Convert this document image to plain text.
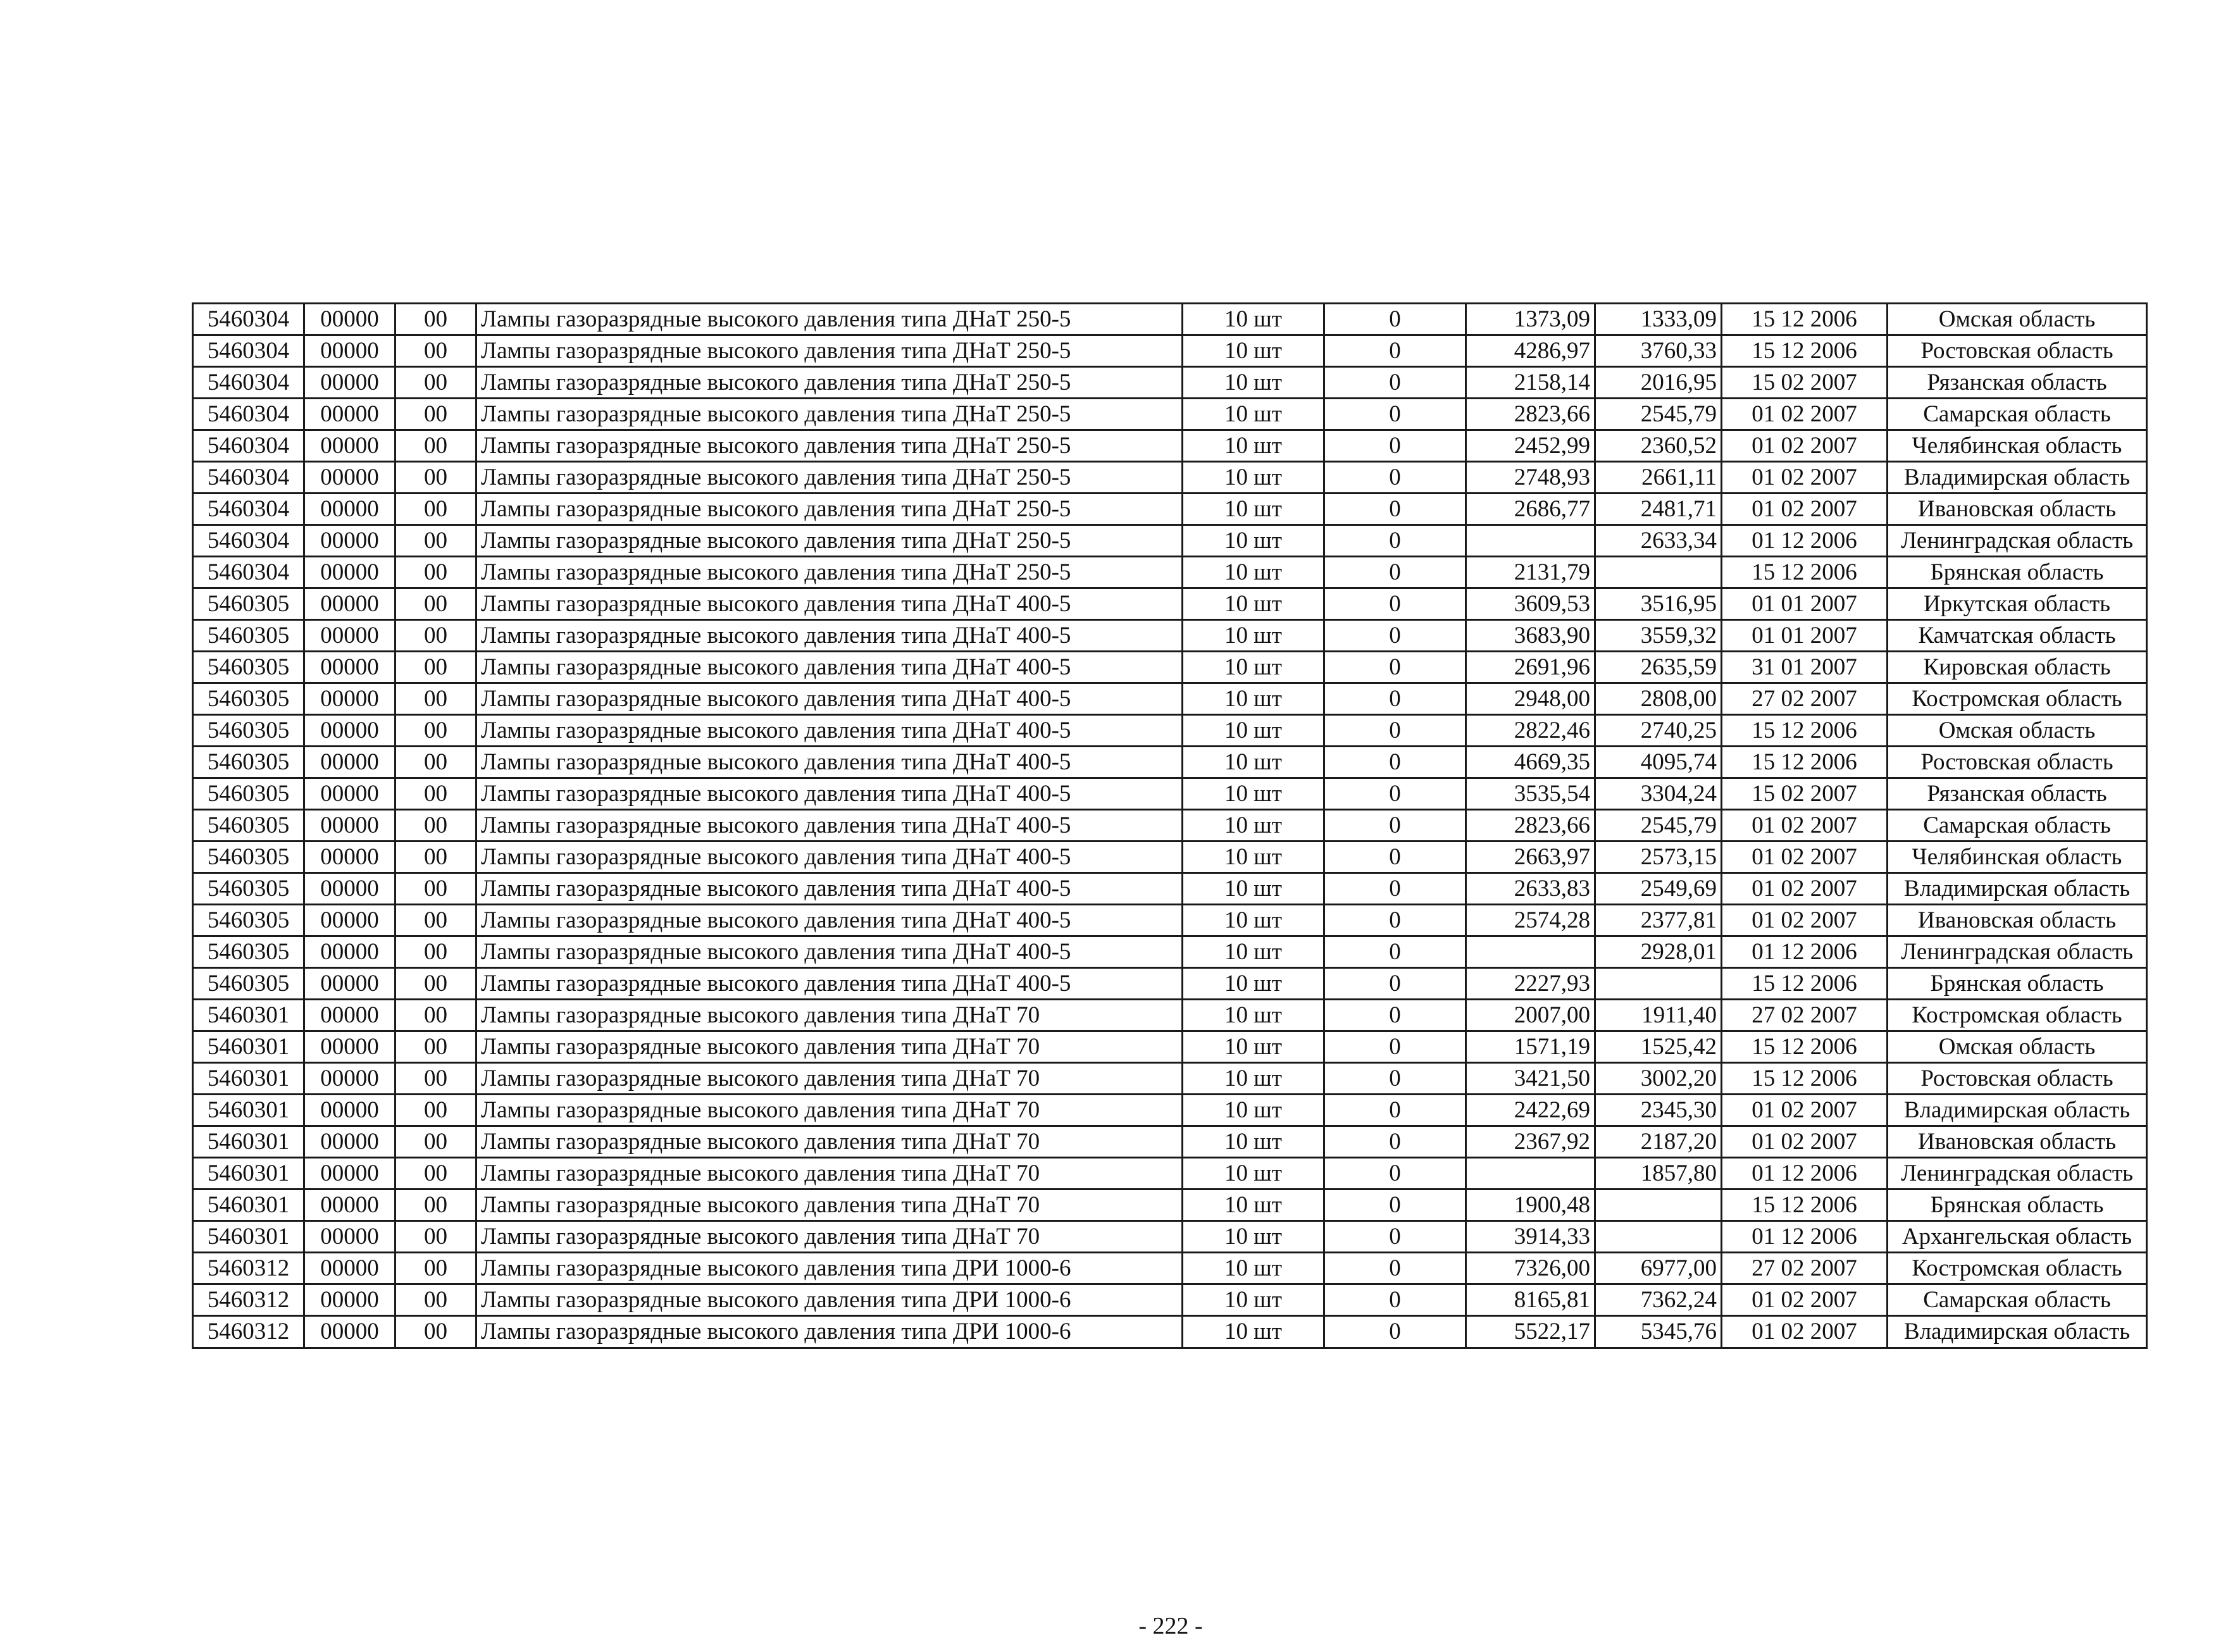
5460304	00000	00	Лампы газоразрядные высокого давления типа ДНаТ 250-5	10 шт	0	1373,09	1333,09	15 12 2006	Омская область
5460304	00000	00	Лампы газоразрядные высокого давления типа ДНаТ 250-5	10 шт	0	4286,97	3760,33	15 12 2006	Ростовская область
5460304	00000	00	Лампы газоразрядные высокого давления типа ДНаТ 250-5	10 шт	0	2158,14	2016,95	15 02 2007	Рязанская область
5460304	00000	00	Лампы газоразрядные высокого давления типа ДНаТ 250-5	10 шт	0	2823,66	2545,79	01 02 2007	Самарская область
5460304	00000	00	Лампы газоразрядные высокого давления типа ДНаТ 250-5	10 шт	0	2452,99	2360,52	01 02 2007	Челябинская область
5460304	00000	00	Лампы газоразрядные высокого давления типа ДНаТ 250-5	10 шт	0	2748,93	2661,11	01 02 2007	Владимирская область
5460304	00000	00	Лампы газоразрядные высокого давления типа ДНаТ 250-5	10 шт	0	2686,77	2481,71	01 02 2007	Ивановская область
5460304	00000	00	Лампы газоразрядные высокого давления типа ДНаТ 250-5	10 шт	0		2633,34	01 12 2006	Ленинградская область
5460304	00000	00	Лампы газоразрядные высокого давления типа ДНаТ 250-5	10 шт	0	2131,79		15 12 2006	Брянская область
5460305	00000	00	Лампы газоразрядные высокого давления типа ДНаТ 400-5	10 шт	0	3609,53	3516,95	01 01 2007	Иркутская область
5460305	00000	00	Лампы газоразрядные высокого давления типа ДНаТ 400-5	10 шт	0	3683,90	3559,32	01 01 2007	Камчатская область
5460305	00000	00	Лампы газоразрядные высокого давления типа ДНаТ 400-5	10 шт	0	2691,96	2635,59	31 01 2007	Кировская область
5460305	00000	00	Лампы газоразрядные высокого давления типа ДНаТ 400-5	10 шт	0	2948,00	2808,00	27 02 2007	Костромская область
5460305	00000	00	Лампы газоразрядные высокого давления типа ДНаТ 400-5	10 шт	0	2822,46	2740,25	15 12 2006	Омская область
5460305	00000	00	Лампы газоразрядные высокого давления типа ДНаТ 400-5	10 шт	0	4669,35	4095,74	15 12 2006	Ростовская область
5460305	00000	00	Лампы газоразрядные высокого давления типа ДНаТ 400-5	10 шт	0	3535,54	3304,24	15 02 2007	Рязанская область
5460305	00000	00	Лампы газоразрядные высокого давления типа ДНаТ 400-5	10 шт	0	2823,66	2545,79	01 02 2007	Самарская область
5460305	00000	00	Лампы газоразрядные высокого давления типа ДНаТ 400-5	10 шт	0	2663,97	2573,15	01 02 2007	Челябинская область
5460305	00000	00	Лампы газоразрядные высокого давления типа ДНаТ 400-5	10 шт	0	2633,83	2549,69	01 02 2007	Владимирская область
5460305	00000	00	Лампы газоразрядные высокого давления типа ДНаТ 400-5	10 шт	0	2574,28	2377,81	01 02 2007	Ивановская область
5460305	00000	00	Лампы газоразрядные высокого давления типа ДНаТ 400-5	10 шт	0		2928,01	01 12 2006	Ленинградская область
5460305	00000	00	Лампы газоразрядные высокого давления типа ДНаТ 400-5	10 шт	0	2227,93		15 12 2006	Брянская область
5460301	00000	00	Лампы газоразрядные высокого давления типа ДНаТ 70	10 шт	0	2007,00	1911,40	27 02 2007	Костромская область
5460301	00000	00	Лампы газоразрядные высокого давления типа ДНаТ 70	10 шт	0	1571,19	1525,42	15 12 2006	Омская область
5460301	00000	00	Лампы газоразрядные высокого давления типа ДНаТ 70	10 шт	0	3421,50	3002,20	15 12 2006	Ростовская область
5460301	00000	00	Лампы газоразрядные высокого давления типа ДНаТ 70	10 шт	0	2422,69	2345,30	01 02 2007	Владимирская область
5460301	00000	00	Лампы газоразрядные высокого давления типа ДНаТ 70	10 шт	0	2367,92	2187,20	01 02 2007	Ивановская область
5460301	00000	00	Лампы газоразрядные высокого давления типа ДНаТ 70	10 шт	0		1857,80	01 12 2006	Ленинградская область
5460301	00000	00	Лампы газоразрядные высокого давления типа ДНаТ 70	10 шт	0	1900,48		15 12 2006	Брянская область
5460301	00000	00	Лампы газоразрядные высокого давления типа ДНаТ 70	10 шт	0	3914,33		01 12 2006	Архангельская область
5460312	00000	00	Лампы газоразрядные высокого давления типа ДРИ 1000-6	10 шт	0	7326,00	6977,00	27 02 2007	Костромская область
5460312	00000	00	Лампы газоразрядные высокого давления типа ДРИ 1000-6	10 шт	0	8165,81	7362,24	01 02 2007	Самарская область
5460312	00000	00	Лампы газоразрядные высокого давления типа ДРИ 1000-6	10 шт	0	5522,17	5345,76	01 02 2007	Владимирская область
- 222 -
